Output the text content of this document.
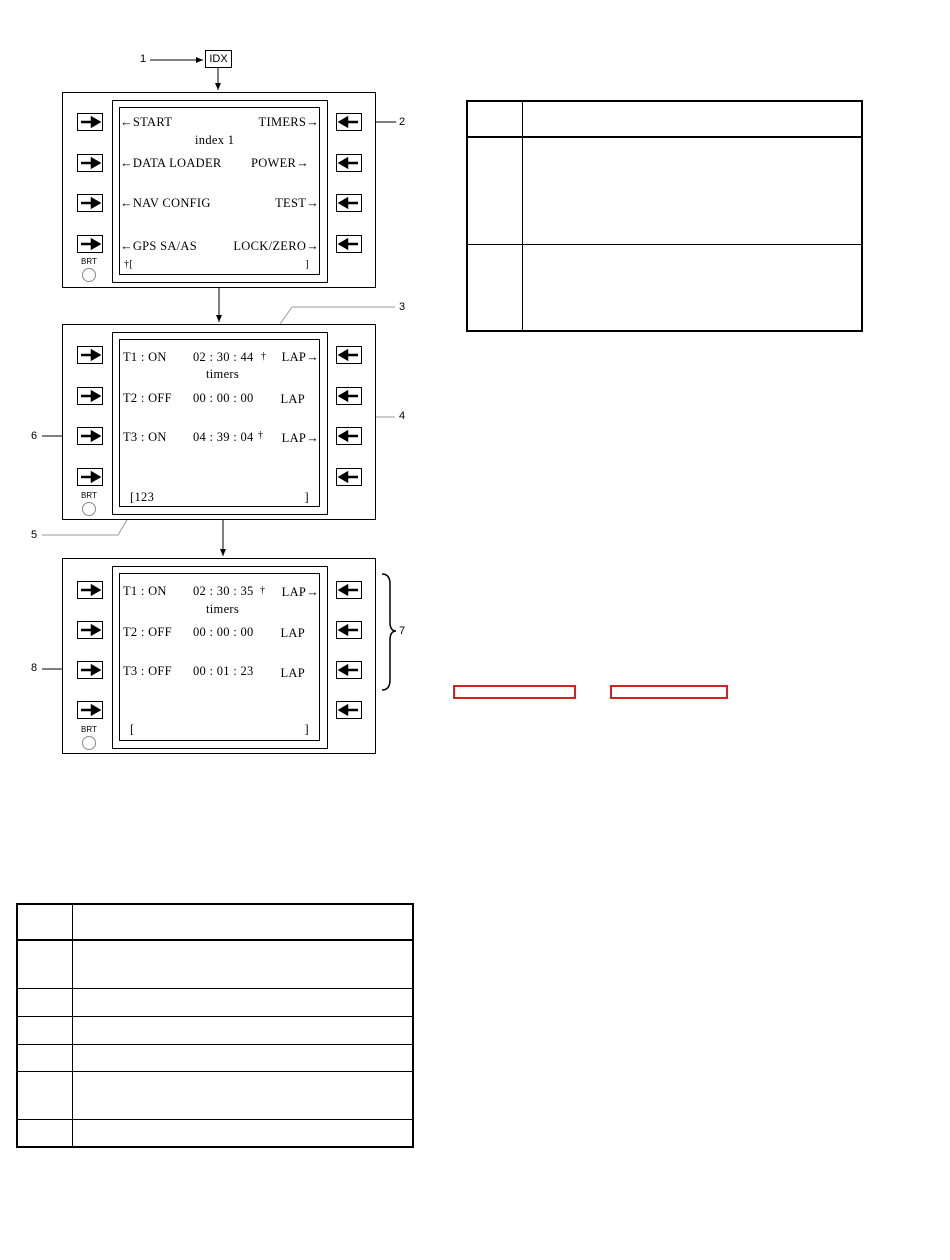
IDX
1
2
3
4
5
6
7
8
BRT
←START
index 1
←DATA LOADER
←NAV CONFIG
←GPS SA/AS
TIMERS→
POWER→
TEST→
LOCK/ZERO→
†[	]
BRT
T1 : ON 02 : 30 : 44 † LAP→
timers
T2 : OFF 00 : 00 : 00 LAP
T3 : ON 04 : 39 : 04 † LAP→
[123	]
BRT
T1 : ON 02 : 30 : 35 † LAP→
timers
T2 : OFF 00 : 00 : 00 LAP
T3 : OFF 00 : 01 : 23 LAP
[	]
